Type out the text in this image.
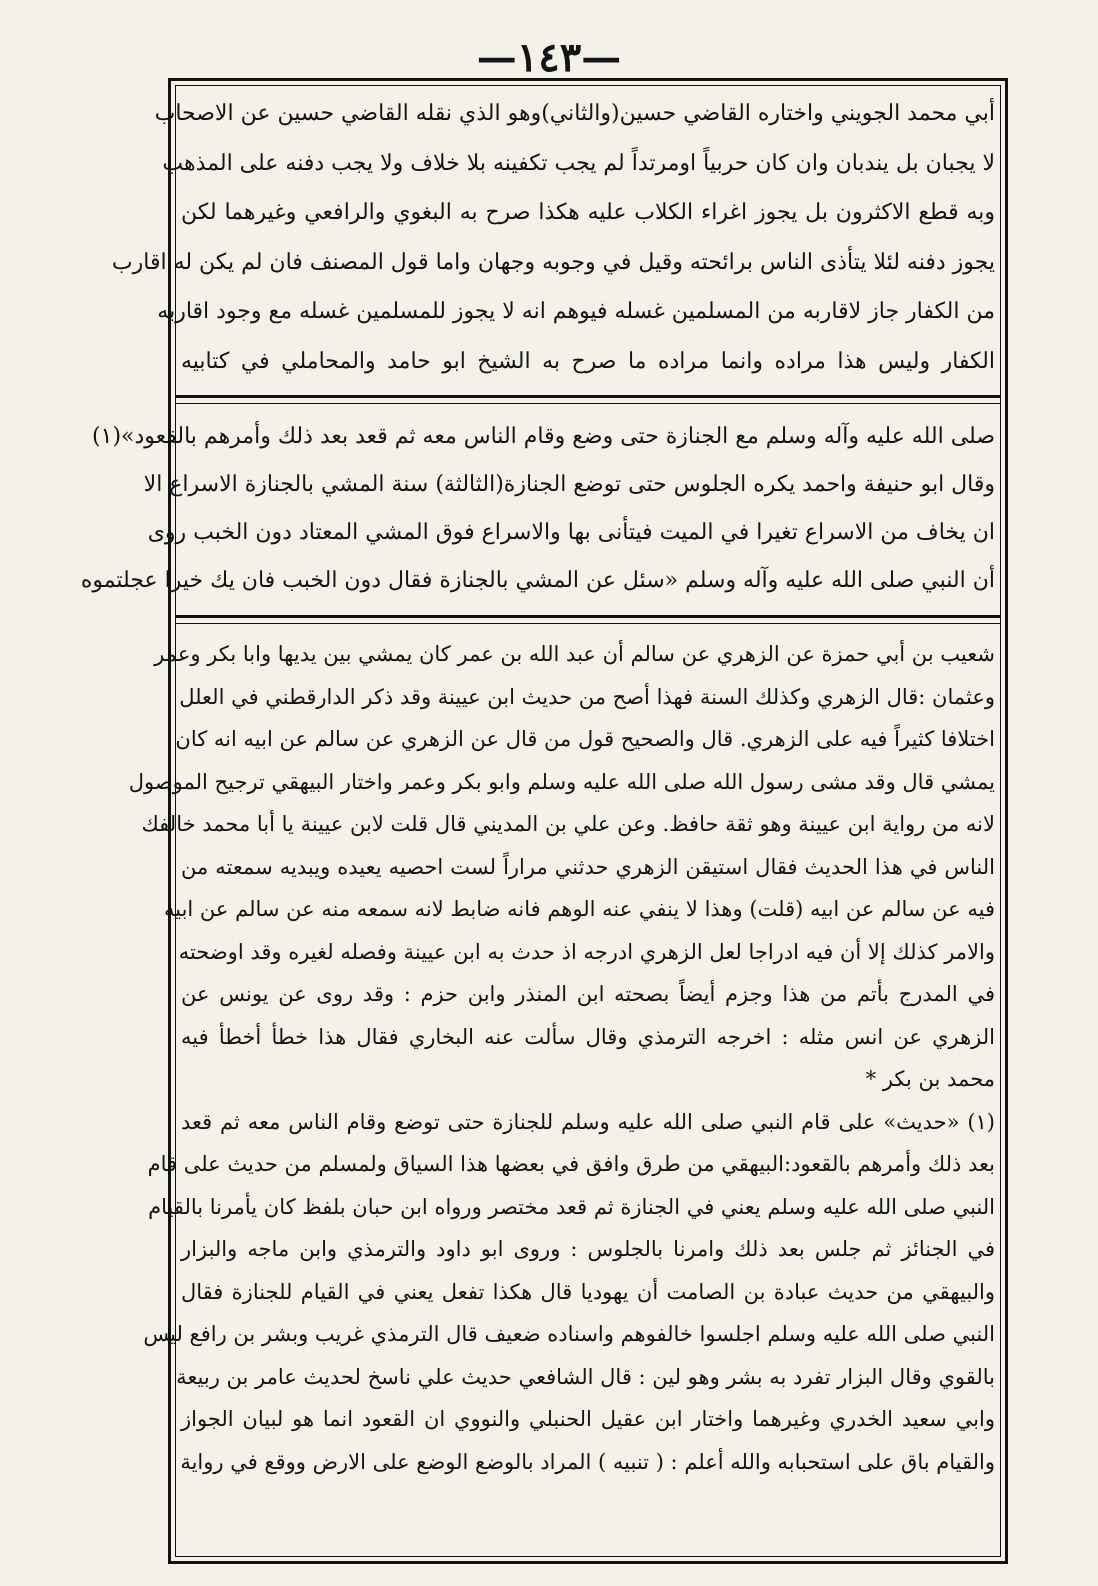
—١٤٣—
أبي محمد الجويني واختاره القاضي حسين(والثاني)وهو الذي نقله القاضي حسين عن الاصحاب
لا يجبان بل يندبان وان كان حربياً اومرتداً لم يجب تكفينه بلا خلاف ولا يجب دفنه على المذهب
وبه قطع الاكثرون بل يجوز اغراء الكلاب عليه هكذا صرح به البغوي والرافعي وغيرهما لكن
يجوز دفنه لئلا يتأذى الناس برائحته وقيل في وجوبه وجهان واما قول المصنف فان لم يكن له اقارب
من الكفار جاز لاقاربه من المسلمين غسله فيوهم انه لا يجوز للمسلمين غسله مع وجود اقاربه
الكفار وليس هذا مراده وانما مراده ما صرح به الشيخ ابو حامد والمحاملي في كتابيه
صلى الله عليه وآله وسلم مع الجنازة حتى وضع وقام الناس معه ثم قعد بعد ذلك وأمرهم بالقعود»(١)
وقال ابو حنيفة واحمد يكره الجلوس حتى توضع الجنازة(الثالثة) سنة المشي بالجنازة الاسراع الا
ان يخاف من الاسراع تغيرا في الميت فيتأنى بها والاسراع فوق المشي المعتاد دون الخبب روى
أن النبي صلى الله عليه وآله وسلم «سئل عن المشي بالجنازة فقال دون الخبب فان يك خيرا عجلتموه
شعيب بن أبي حمزة عن الزهري عن سالم أن عبد الله بن عمر كان يمشي بين يديها وابا بكر وعمر
وعثمان :قال الزهري وكذلك السنة فهذا أصح من حديث ابن عيينة وقد ذكر الدارقطني في العلل
اختلافا كثيراً فيه على الزهري. قال والصحيح قول من قال عن الزهري عن سالم عن ابيه انه كان
يمشي قال وقد مشى رسول الله صلى الله عليه وسلم وابو بكر وعمر واختار البيهقي ترجيح الموصول
لانه من رواية ابن عيينة وهو ثقة حافظ. وعن علي بن المديني قال قلت لابن عيينة يا أبا محمد خالفك
الناس في هذا الحديث فقال استيقن الزهري حدثني مراراً لست احصيه يعيده ويبديه سمعته من
فيه عن سالم عن ابيه (قلت) وهذا لا ينفي عنه الوهم فانه ضابط لانه سمعه منه عن سالم عن ابيه
والامر كذلك إلا أن فيه ادراجا لعل الزهري ادرجه اذ حدث به ابن عيينة وفصله لغيره وقد اوضحته
في المدرج بأتم من هذا وجزم أيضاً بصحته ابن المنذر وابن حزم : وقد روى عن يونس عن
الزهري عن انس مثله : اخرجه الترمذي وقال سألت عنه البخاري فقال هذا خطأ أخطأ فيه
محمد بن بكر *
(١) «حديث» على قام النبي صلى الله عليه وسلم للجنازة حتى توضع وقام الناس معه ثم قعد
بعد ذلك وأمرهم بالقعود:البيهقي من طرق وافق في بعضها هذا السياق ولمسلم من حديث على قام
النبي صلى الله عليه وسلم يعني في الجنازة ثم قعد مختصر ورواه ابن حبان بلفظ كان يأمرنا بالقيام
في الجنائز ثم جلس بعد ذلك وامرنا بالجلوس : وروى ابو داود والترمذي وابن ماجه والبزار
والبيهقي من حديث عبادة بن الصامت أن يهوديا قال هكذا تفعل يعني في القيام للجنازة فقال
النبي صلى الله عليه وسلم اجلسوا خالفوهم واسناده ضعيف قال الترمذي غريب وبشر بن رافع ليس
بالقوي وقال البزار تفرد به بشر وهو لين : قال الشافعي حديث علي ناسخ لحديث عامر بن ربيعة
وابي سعيد الخدري وغيرهما واختار ابن عقيل الحنبلي والنووي ان القعود انما هو لبيان الجواز
والقيام باق على استحبابه والله أعلم : ( تنبيه ) المراد بالوضع الوضع على الارض ووقع في رواية
